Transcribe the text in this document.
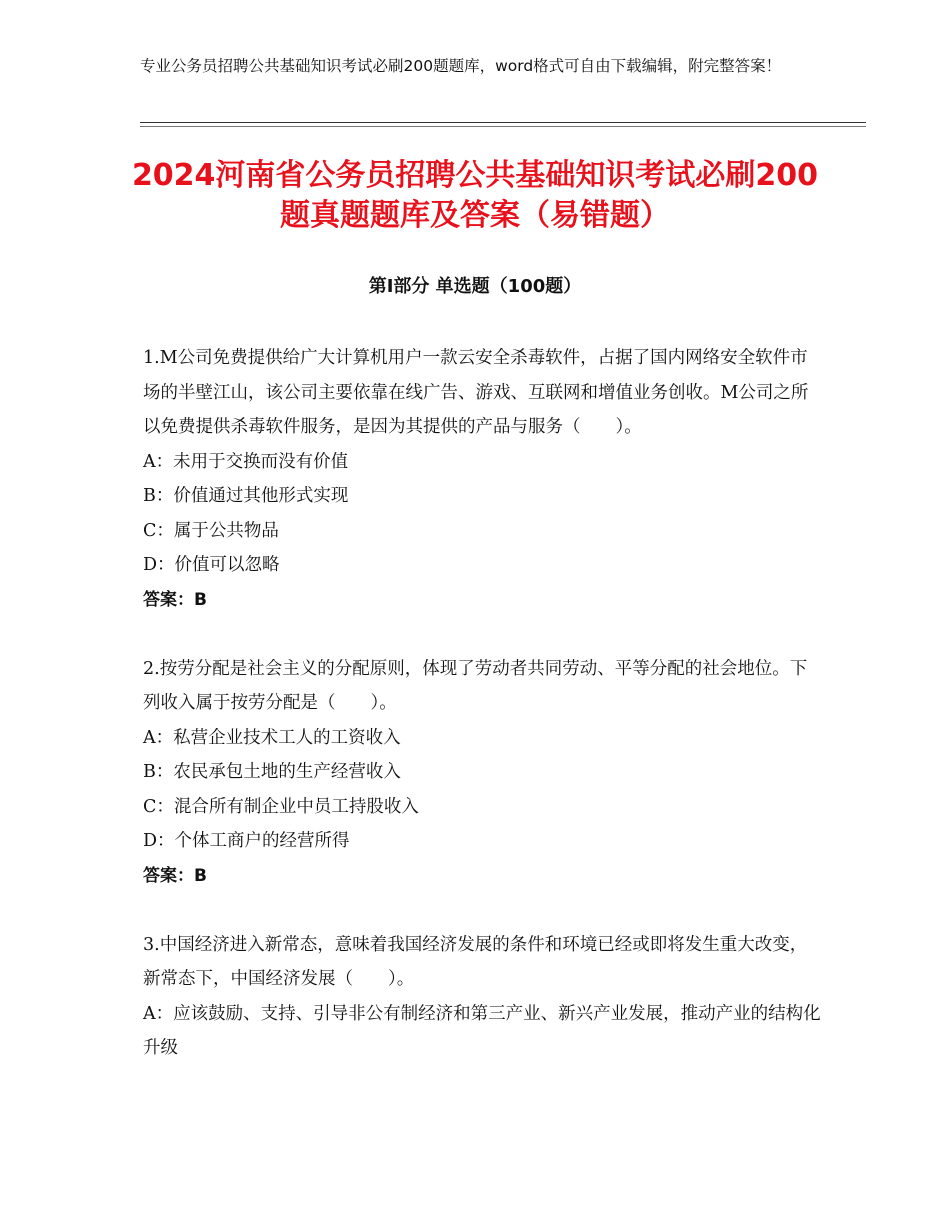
专业公务员招聘公共基础知识考试必刷200题题库，word格式可自由下载编辑，附完整答案！
2024河南省公务员招聘公共基础知识考试必刷200题真题题库及答案（易错题）
第Ⅰ部分 单选题（100题）

1.M公司免费提供给广大计算机用户一款云安全杀毒软件，占据了国内网络安全软件市场的半壁江山，该公司主要依靠在线广告、游戏、互联网和增值业务创收。M公司之所以免费提供杀毒软件服务，是因为其提供的产品与服务（　　）。

A：未用于交换而没有价值

B：价值通过其他形式实现

C：属于公共物品

D：价值可以忽略

答案：B

2.按劳分配是社会主义的分配原则，体现了劳动者共同劳动、平等分配的社会地位。下列收入属于按劳分配是（　　）。

A：私营企业技术工人的工资收入

B：农民承包土地的生产经营收入

C：混合所有制企业中员工持股收入

D：个体工商户的经营所得

答案：B

3.中国经济进入新常态，意味着我国经济发展的条件和环境已经或即将发生重大改变，新常态下，中国经济发展（　　）。

A：应该鼓励、支持、引导非公有制经济和第三产业、新兴产业发展，推动产业的结构化升级
